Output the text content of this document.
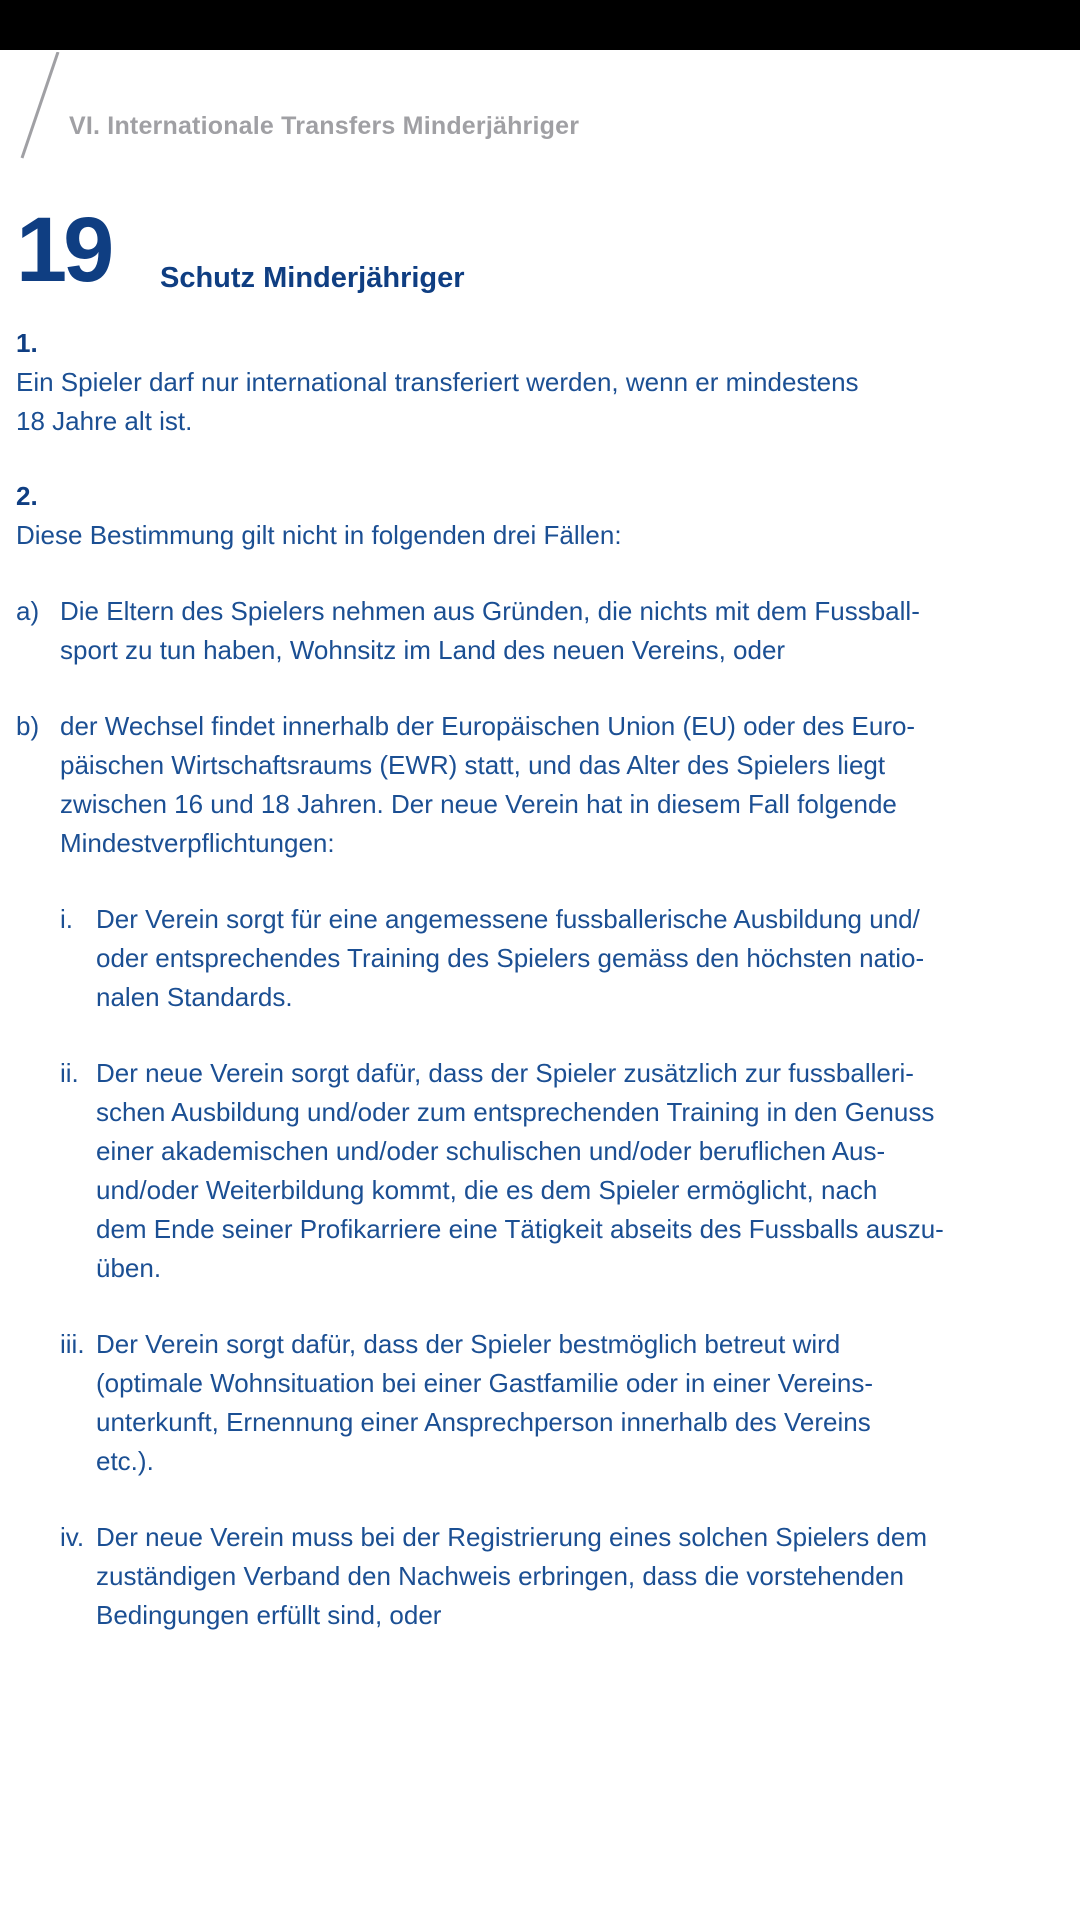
VI. Internationale Transfers Minderjähriger
19 Schutz Minderjähriger

1.

Ein Spieler darf nur international transferiert werden, wenn er mindestens

18 Jahre alt ist.

2.

Diese Bestimmung gilt nicht in folgenden drei Fällen:

a) Die Eltern des Spielers nehmen aus Gründen, die nichts mit dem Fussball-

sport zu tun haben, Wohnsitz im Land des neuen Vereins, oder

b) der Wechsel findet innerhalb der Europäischen Union (EU) oder des Euro-

päischen Wirtschaftsraums (EWR) statt, und das Alter des Spielers liegt

zwischen 16 und 18 Jahren. Der neue Verein hat in diesem Fall folgende

Mindestverpflichtungen:

i. Der Verein sorgt für eine angemessene fussballerische Ausbildung und/

oder entsprechendes Training des Spielers gemäss den höchsten natio-

nalen Standards.

ii. Der neue Verein sorgt dafür, dass der Spieler zusätzlich zur fussballeri-

schen Ausbildung und/oder zum entsprechenden Training in den Genuss

einer akademischen und/oder schulischen und/oder beruflichen Aus-

und/oder Weiterbildung kommt, die es dem Spieler ermöglicht, nach

dem Ende seiner Profikarriere eine Tätigkeit abseits des Fussballs auszu-

üben.

iii. Der Verein sorgt dafür, dass der Spieler bestmöglich betreut wird

(optimale Wohnsituation bei einer Gastfamilie oder in einer Vereins-

unterkunft, Ernennung einer Ansprechperson innerhalb des Vereins

etc.).

iv. Der neue Verein muss bei der Registrierung eines solchen Spielers dem

zuständigen Verband den Nachweis erbringen, dass die vorstehenden

Bedingungen erfüllt sind, oder
